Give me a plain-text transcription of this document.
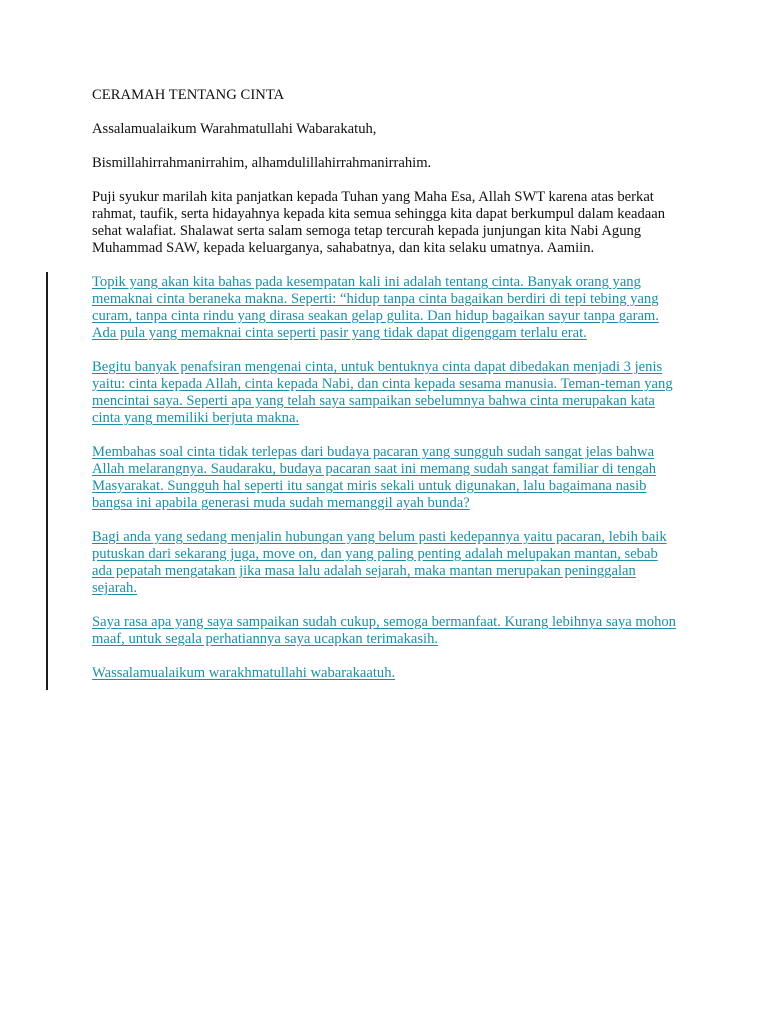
CERAMAH TENTANG CINTA

Assalamualaikum Warahmatullahi Wabarakatuh,

Bismillahirrahmanirrahim, alhamdulillahirrahmanirrahim.

Puji syukur marilah kita panjatkan kepada Tuhan yang Maha Esa, Allah SWT karena atas berkat rahmat, taufik, serta hidayahnya kepada kita semua sehingga kita dapat berkumpul dalam keadaan sehat walafiat. Shalawat serta salam semoga tetap tercurah kepada junjungan kita Nabi Agung Muhammad SAW, kepada keluarganya, sahabatnya, dan kita selaku umatnya. Aamiin.

Topik yang akan kita bahas pada kesempatan kali ini adalah tentang cinta. Banyak orang yang memaknai cinta beraneka makna. Seperti: “hidup tanpa cinta bagaikan berdiri di tepi tebing yang curam, tanpa cinta rindu yang dirasa seakan gelap gulita. Dan hidup bagaikan sayur tanpa garam. Ada pula yang memaknai cinta seperti pasir yang tidak dapat digenggam terlalu erat.

Begitu banyak penafsiran mengenai cinta, untuk bentuknya cinta dapat dibedakan menjadi 3 jenis yaitu: cinta kepada Allah, cinta kepada Nabi, dan cinta kepada sesama manusia. Teman-teman yang mencintai saya. Seperti apa yang telah saya sampaikan sebelumnya bahwa cinta merupakan kata cinta yang memiliki berjuta makna.

Membahas soal cinta tidak terlepas dari budaya pacaran yang sungguh sudah sangat jelas bahwa Allah melarangnya. Saudaraku, budaya pacaran saat ini memang sudah sangat familiar di tengah Masyarakat. Sungguh hal seperti itu sangat miris sekali untuk digunakan, lalu bagaimana nasib bangsa ini apabila generasi muda sudah memanggil ayah bunda?

Bagi anda yang sedang menjalin hubungan yang belum pasti kedepannya yaitu pacaran, lebih baik putuskan dari sekarang juga, move on, dan yang paling penting adalah melupakan mantan, sebab ada pepatah mengatakan jika masa lalu adalah sejarah, maka mantan merupakan peninggalan sejarah.

Saya rasa apa yang saya sampaikan sudah cukup, semoga bermanfaat. Kurang lebihnya saya mohon maaf, untuk segala perhatiannya saya ucapkan terimakasih.

Wassalamualaikum warakhmatullahi wabarakaatuh.
